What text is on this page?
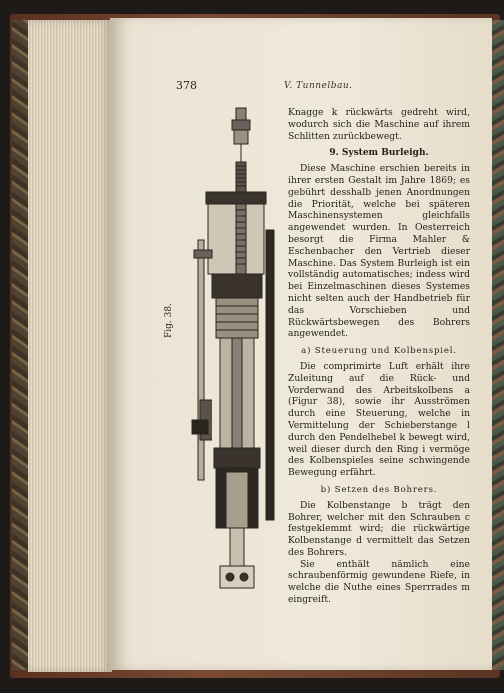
378	V. Tunnelbau.
Fig. 38.

Knagge k rückwärts gedreht wird, wodurch sich die Maschine auf ihrem Schlitten zurückbewegt.

9. System Burleigh.

Diese Maschine erschien bereits in ihrer ersten Gestalt im Jahre 1869; es gebührt desshalb jenen Anordnungen die Priorität, welche bei späteren Maschinensystemen gleichfalls angewendet wurden. In Oesterreich besorgt die Firma Mahler & Eschenbacher den Vertrieb dieser Maschine. Das System Burleigh ist ein vollständig automatisches; indess wird bei Einzelmaschinen dieses Systemes nicht selten auch der Handbetrieb für das Vorschieben und Rückwärtsbewegen des Bohrers angewendet.

a) Steuerung und Kolbenspiel.

Die comprimirte Luft erhält ihre Zuleitung auf die Rück- und Vorderwand des Arbeitskolbens a (Figur 38), sowie ihr Ausströmen durch eine Steuerung, welche in Vermittelung der Schieberstange l durch den Pendelhebel k bewegt wird, weil dieser durch den Ring i vermöge des Kolbenspieles seine schwingende Bewegung erfährt.

b) Setzen des Bohrers.

Die Kolbenstange b trägt den Bohrer, welcher mit den Schrauben c festgeklemmt wird; die rückwärtige Kolbenstange d vermittelt das Setzen des Bohrers.

Sie enthält nämlich eine schraubenförmig gewundene Riefe, in welche die Nuthe eines Sperrrades m eingreift.
